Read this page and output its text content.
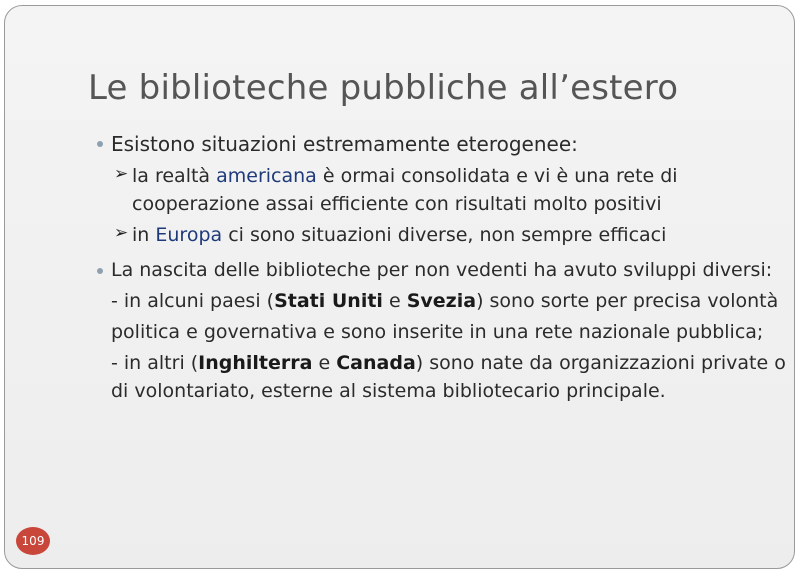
Le biblioteche pubbliche all’estero
Esistono situazioni estremamente eterogenee:
➢ la realtà americana è ormai consolidata e vi è una rete di
cooperazione assai efficiente con risultati molto positivi
➢ in Europa ci sono situazioni diverse, non sempre efficaci
La nascita delle biblioteche per non vedenti ha avuto sviluppi diversi:
- in alcuni paesi (Stati Uniti e Svezia) sono sorte per precisa volontà
politica e governativa e sono inserite in una rete nazionale pubblica;
- in altri (Inghilterra e Canada) sono nate da organizzazioni private o
di volontariato, esterne al sistema bibliotecario principale.
109
